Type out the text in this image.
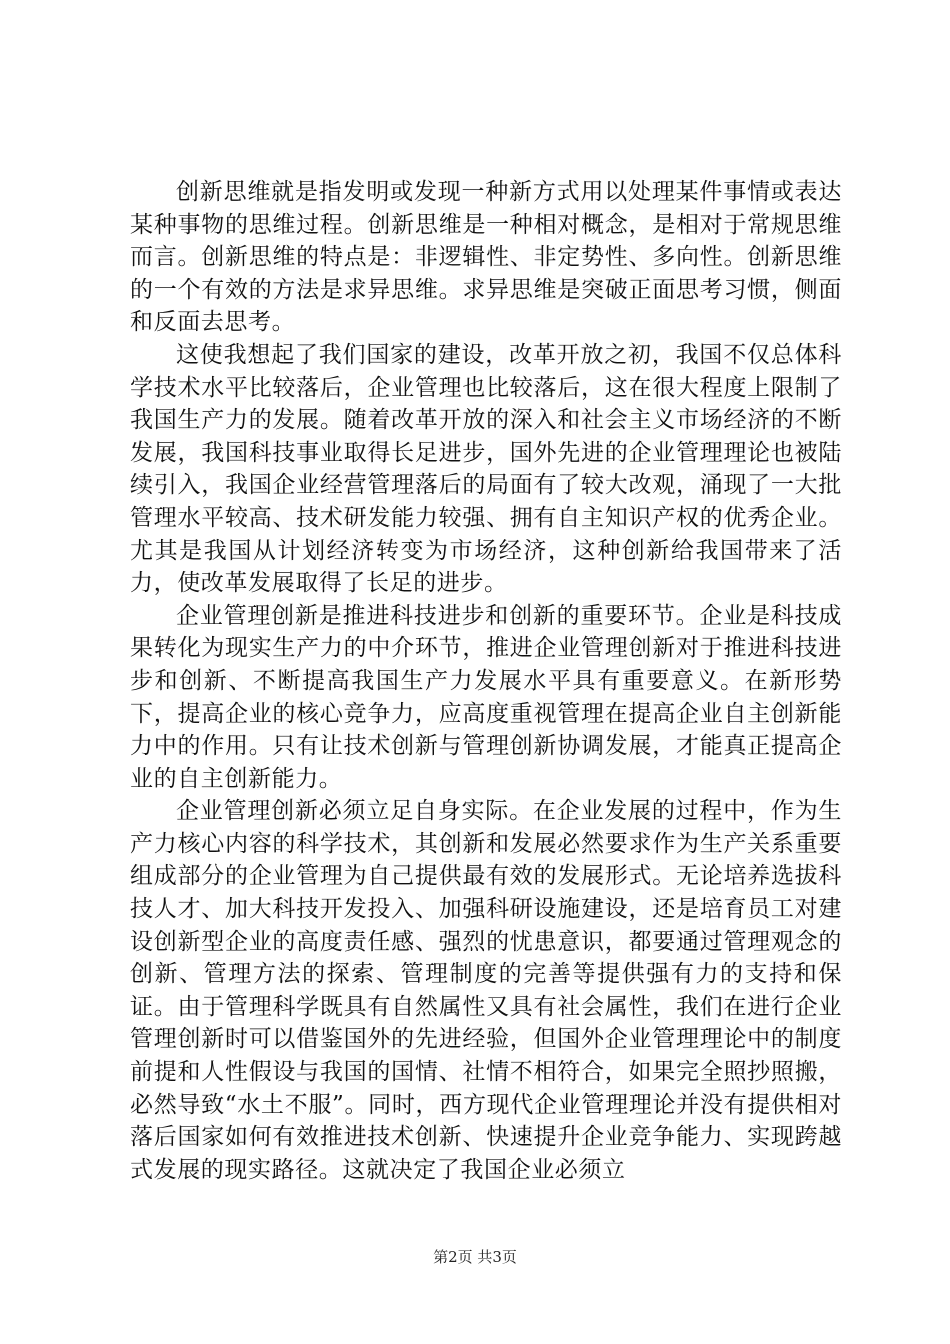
创新思维就是指发明或发现一种新方式用以处理某件事情或表达某种事物的思维过程。创新思维是一种相对概念，是相对于常规思维而言。创新思维的特点是：非逻辑性、非定势性、多向性。创新思维的一个有效的方法是求异思维。求异思维是突破正面思考习惯，侧面和反面去思考。

这使我想起了我们国家的建设，改革开放之初，我国不仅总体科学技术水平比较落后，企业管理也比较落后，这在很大程度上限制了我国生产力的发展。随着改革开放的深入和社会主义市场经济的不断发展，我国科技事业取得长足进步，国外先进的企业管理理论也被陆续引入，我国企业经营管理落后的局面有了较大改观，涌现了一大批管理水平较高、技术研发能力较强、拥有自主知识产权的优秀企业。尤其是我国从计划经济转变为市场经济，这种创新给我国带来了活力，使改革发展取得了长足的进步。

企业管理创新是推进科技进步和创新的重要环节。企业是科技成果转化为现实生产力的中介环节，推进企业管理创新对于推进科技进步和创新、不断提高我国生产力发展水平具有重要意义。在新形势下，提高企业的核心竞争力，应高度重视管理在提高企业自主创新能力中的作用。只有让技术创新与管理创新协调发展，才能真正提高企业的自主创新能力。

企业管理创新必须立足自身实际。在企业发展的过程中，作为生产力核心内容的科学技术，其创新和发展必然要求作为生产关系重要组成部分的企业管理为自己提供最有效的发展形式。无论培养选拔科技人才、加大科技开发投入、加强科研设施建设，还是培育员工对建设创新型企业的高度责任感、强烈的忧患意识，都要通过管理观念的创新、管理方法的探索、管理制度的完善等提供强有力的支持和保证。由于管理科学既具有自然属性又具有社会属性，我们在进行企业管理创新时可以借鉴国外的先进经验，但国外企业管理理论中的制度前提和人性假设与我国的国情、社情不相符合，如果完全照抄照搬，必然导致“水土不服”。同时，西方现代企业管理理论并没有提供相对落后国家如何有效推进技术创新、快速提升企业竞争能力、实现跨越式发展的现实路径。这就决定了我国企业必须立

第2页 共3页
